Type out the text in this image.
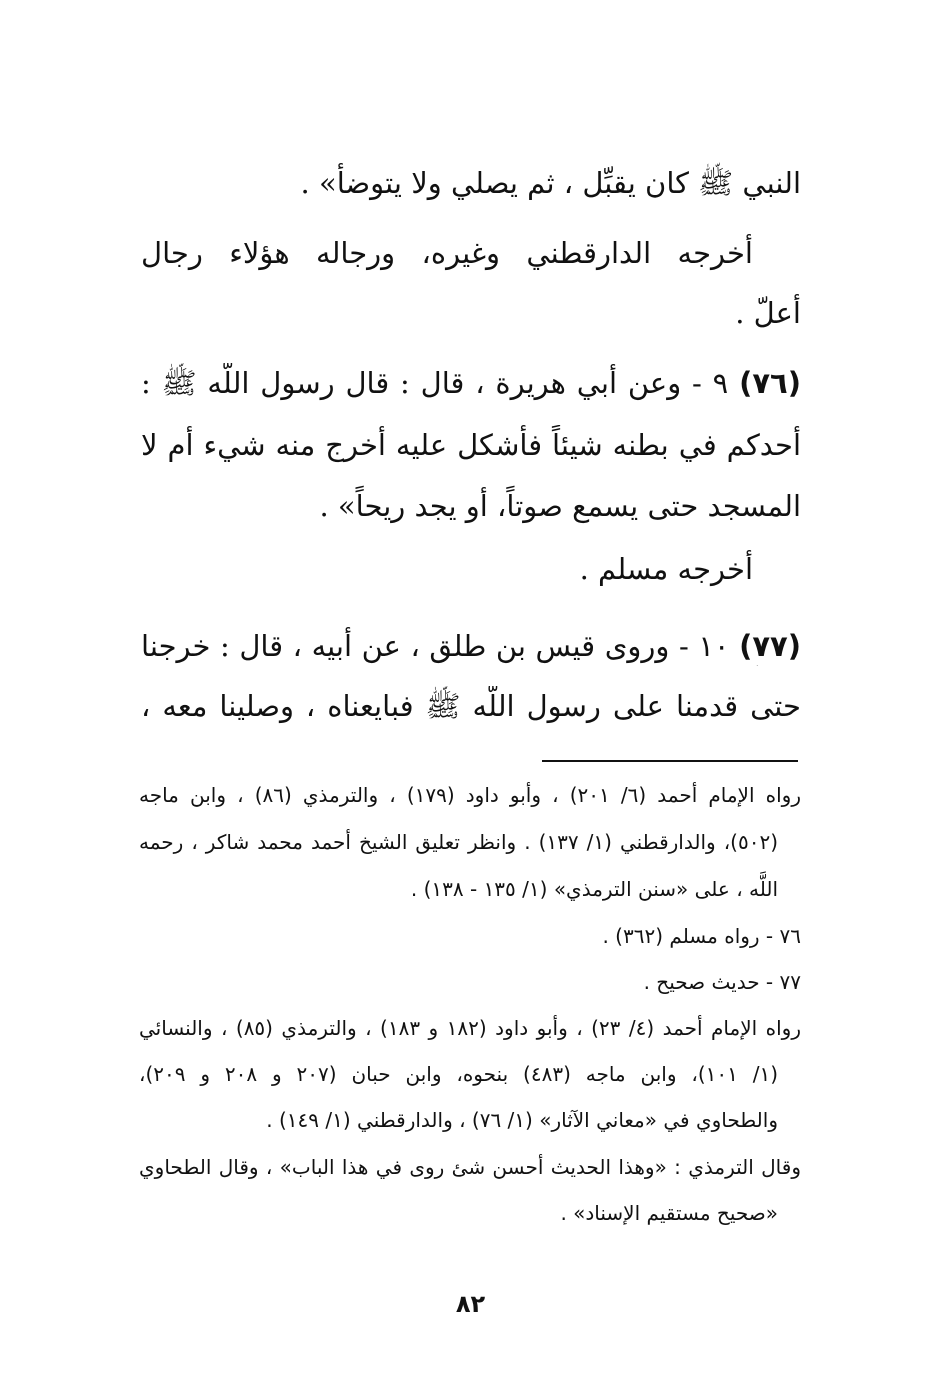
النبي ﷺ كان يقبِّل ، ثم يصلي ولا يتوضأ» .
أخرجه الدارقطني وغيره، ورجاله هؤلاء رجال
أعلّ .
(٧٦) ٩ - وعن أبي هريرة ، قال : قال رسول اللَّه ﷺ :
أحدكم في بطنه شيئاً فأشكل عليه أخرج منه شيء أم لا
المسجد حتى يسمع صوتاً، أو يجد ريحاً» .
أخرجه مسلم .
(٧٧) ١٠ - وروى قيس بن طلق ، عن أبيه ، قال : خرجنا
حتى قدمنا على رسول اللَّه ﷺ فبايعناه ، وصلينا معه ،
رواه الإمام أحمد (٦/ ٢٠١) ، وأبو داود (١٧٩) ، والترمذي (٨٦) ، وابن ماجه
(٥٠٢)، والدارقطني (١/ ١٣٧) . وانظر تعليق الشيخ أحمد محمد شاكر ، رحمه
اللَّه ، على «سنن الترمذي» (١/ ١٣٥ - ١٣٨) .
٧٦ - رواه مسلم (٣٦٢) .
٧٧ - حديث صحيح .
رواه الإمام أحمد (٤/ ٢٣) ، وأبو داود (١٨٢ و ١٨٣) ، والترمذي (٨٥) ، والنسائي
(١/ ١٠١)، وابن ماجه (٤٨٣) بنحوه، وابن حبان (٢٠٧ و ٢٠٨ و ٢٠٩)،
والطحاوي في «معاني الآثار» (١/ ٧٦) ، والدارقطني (١/ ١٤٩) .
وقال الترمذي : «وهذا الحديث أحسن شئ روى في هذا الباب» ، وقال الطحاوي
«صحيح مستقيم الإسناد» .
٨٢
